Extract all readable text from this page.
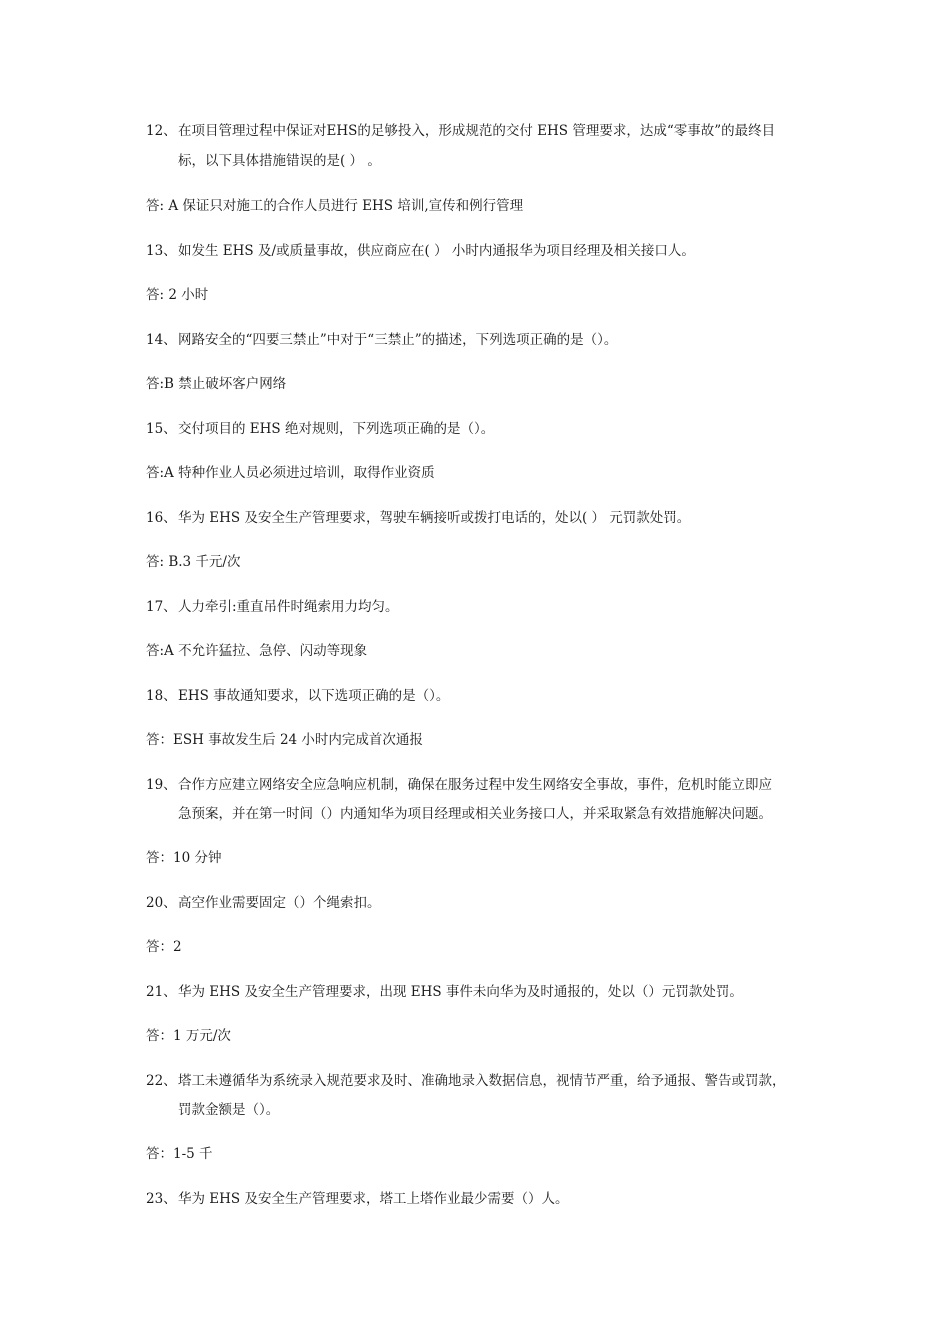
12、在项目管理过程中保证对EHS的足够投入，形成规范的交付 EHS 管理要求，达成“零事故”的最终目
标，以下具体措施错误的是( ） 。
答: A 保证只对施工的合作人员进行 EHS 培训,宣传和例行管理
13、如发生 EHS 及/或质量事故，供应商应在( ） 小时内通报华为项目经理及相关接口人。
答: 2 小时
14、网路安全的“四要三禁止”中对于“三禁止”的描述，下列选项正确的是（）。
答:B 禁止破坏客户网络
15、交付项目的 EHS 绝对规则，下列选项正确的是（）。
答:A 特种作业人员必须进过培训，取得作业资质
16、华为 EHS 及安全生产管理要求，驾驶车辆接听或拨打电话的，处以( ） 元罚款处罚。
答: B.3 千元/次
17、人力牵引:重直吊件时绳索用力均匀。
答:A 不允许猛拉、急停、闪动等现象
18、EHS 事故通知要求，以下选项正确的是（）。
答：ESH 事故发生后 24 小时内完成首次通报
19、合作方应建立网络安全应急响应机制，确保在服务过程中发生网络安全事故，事件，危机时能立即应
急预案，并在第一时间（）内通知华为项目经理或相关业务接口人，并采取紧急有效措施解决问题。
答：10 分钟
20、高空作业需要固定（）个绳索扣。
答：2
21、华为 EHS 及安全生产管理要求，出现 EHS 事件未向华为及时通报的，处以（）元罚款处罚。
答：1 万元/次
22、塔工未遵循华为系统录入规范要求及时、准确地录入数据信息，视情节严重，给予通报、警告或罚款，
罚款金额是（）。
答：1-5 千
23、华为 EHS 及安全生产管理要求，塔工上塔作业最少需要（）人。
